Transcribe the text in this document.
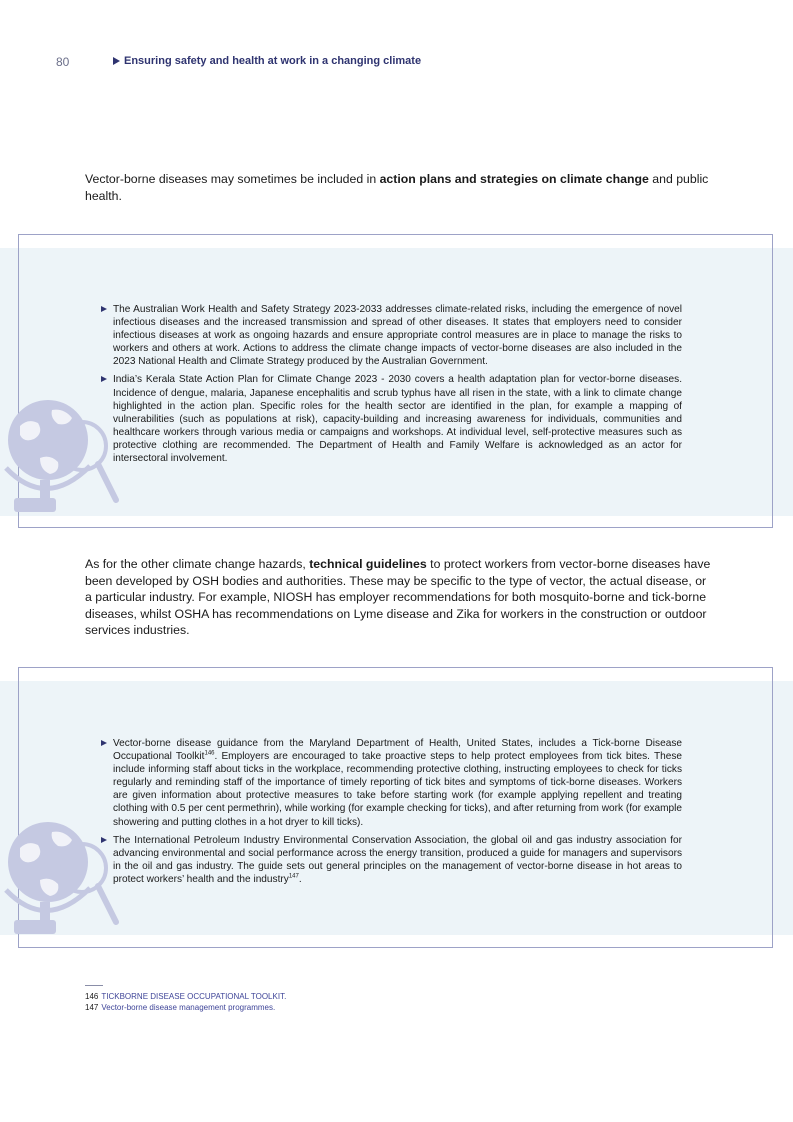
80	Ensuring safety and health at work in a changing climate

Vector-borne diseases may sometimes be included in action plans and strategies on climate change and public health.

The Australian Work Health and Safety Strategy 2023-2033 addresses climate-related risks, including the emergence of novel infectious diseases and the increased transmission and spread of other diseases. It states that employers need to consider infectious diseases at work as ongoing hazards and ensure appropriate control measures are in place to manage the risks to workers and others at work. Actions to address the climate change impacts of vector-borne diseases are also included in the 2023 National Health and Climate Strategy produced by the Australian Government.
India’s Kerala State Action Plan for Climate Change 2023 - 2030 covers a health adaptation plan for vector-borne diseases. Incidence of dengue, malaria, Japanese encephalitis and scrub typhus have all risen in the state, with a link to climate change highlighted in the action plan. Specific roles for the health sector are identified in the plan, for example a mapping of vulnerabilities (such as populations at risk), capacity-building and increasing awareness for individuals, communities and healthcare workers through various media or campaigns and workshops. At individual level, self-protective measures such as protective clothing are recommended. The Department of Health and Family Welfare is acknowledged as an actor for intersectoral involvement.

As for the other climate change hazards, technical guidelines to protect workers from vector-borne diseases have been developed by OSH bodies and authorities. These may be specific to the type of vector, the actual disease, or a particular industry. For example, NIOSH has employer recommendations for both mosquito-borne and tick-borne diseases, whilst OSHA has recommendations on Lyme disease and Zika for workers in the construction or outdoor services industries.

Vector-borne disease guidance from the Maryland Department of Health, United States, includes a Tick-borne Disease Occupational Toolkit$^{146}$. Employers are encouraged to take proactive steps to help protect employees from tick bites. These include informing staff about ticks in the workplace, recommending protective clothing, instructing employees to check for ticks regularly and reminding staff of the importance of timely reporting of tick bites and symptoms of tick-borne diseases. Workers are given information about protective measures to take before starting work (for example applying repellent and treating clothing with 0.5 per cent permethrin), while working (for example checking for ticks), and after returning from work (for example showering and putting clothes in a hot dryer to kill ticks).
The International Petroleum Industry Environmental Conservation Association, the global oil and gas industry association for advancing environmental and social performance across the energy transition, produced a guide for managers and supervisors in the oil and gas industry. The guide sets out general principles on the management of vector-borne disease in hot areas to protect workers’ health and the industry$^{147}$.
146 TICKBORNE DISEASE OCCUPATIONAL TOOLKIT.
147 Vector-borne disease management programmes.
